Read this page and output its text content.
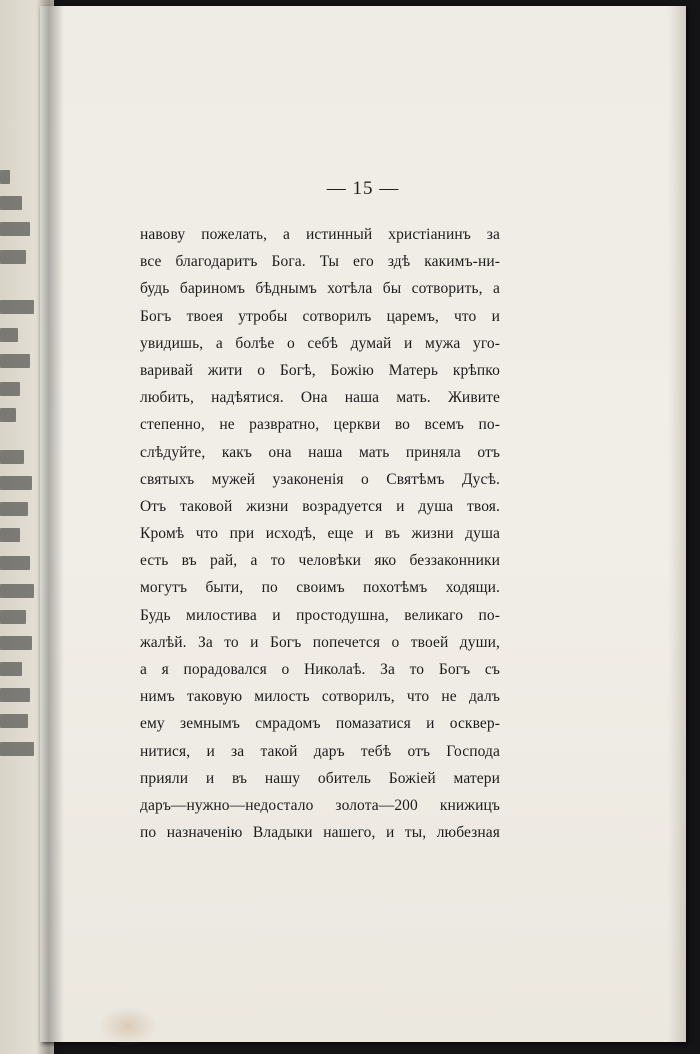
— 15 —
навову пожелать, а истинный христіанинъ за
все благодаритъ Бога. Ты его здѣ какимъ-ни-
будь бариномъ бѣднымъ хотѣла бы сотворить, а
Богъ твоея утробы сотворилъ царемъ, что и
увидишь, а болѣе о себѣ думай и мужа уго-
варивай жити о Богѣ, Божію Матерь крѣпко
любить, надѣятися. Она наша мать. Живите
степенно, не развратно, церкви во всемъ по-
слѣдуйте, какъ она наша мать приняла отъ
святыхъ мужей узаконенія о Святѣмъ Дусѣ.
Отъ таковой жизни возрадуется и душа твоя.
Кромѣ что при исходѣ, еще и въ жизни душа
есть въ рай, а то человѣки яко беззаконники
могутъ быти, по своимъ похотѣмъ ходящи.
Будь милостива и простодушна, великаго по-
жалѣй. За то и Богъ попечется о твоей души,
а я порадовался о Николаѣ. За то Богъ съ
нимъ таковую милость сотворилъ, что не далъ
ему земнымъ смрадомъ помазатися и осквер-
нитися, и за такой даръ тебѣ отъ Господа
прияли и въ нашу обитель Божіей матери
даръ—нужно—недостало золота—200 книжицъ
по назначенію Владыки нашего, и ты, любезная
